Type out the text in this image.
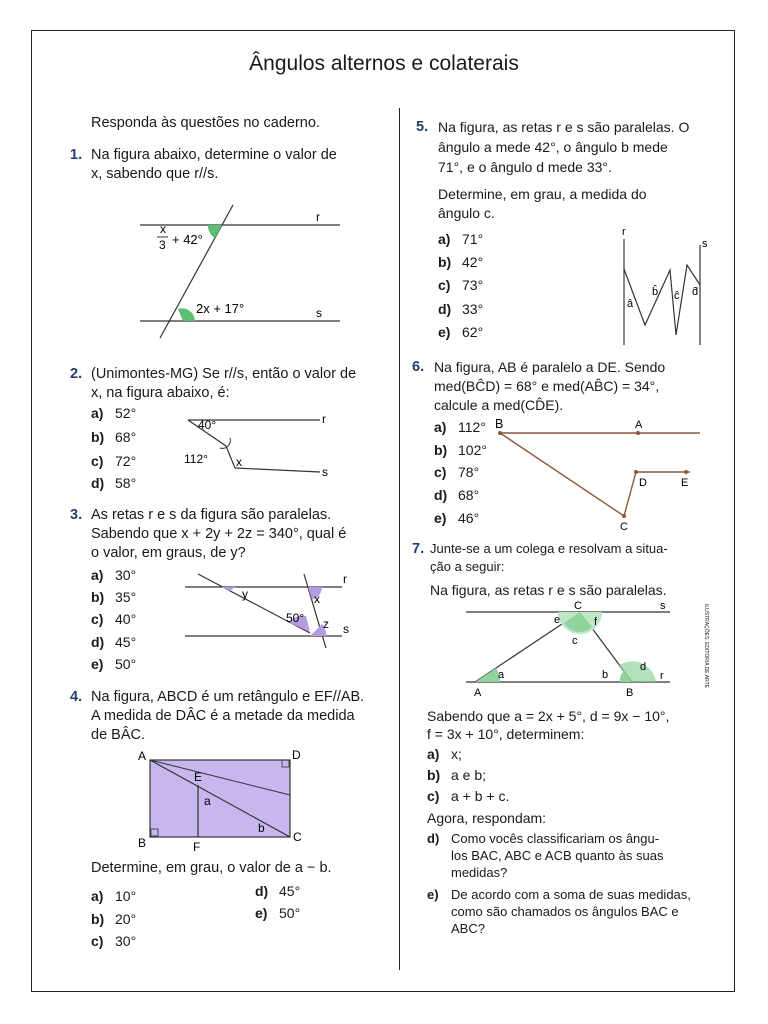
Ângulos alternos e colaterais
Responda às questões no caderno.
1. Na figura abaixo, determine o valor de
x, sabendo que r//s.
x
3 + 42°
2x + 17°
r
s
2. (Unimontes-MG) Se r//s, então o valor de
x, na figura abaixo, é:
a) 52°
b) 68°
c) 72°
d) 58°
40°
112° x
r
s
3. As retas r e s da figura são paralelas.
Sabendo que x + 2y + 2z = 340°, qual é
o valor, em graus, de y?
a) 30°
b) 35°
c) 40°
d) 45°
e) 50°
y	x
50° z
r
s
4. Na figura, ABCD é um retângulo e EF//AB.
A medida de DÂC é a metade da medida
de BÂC.
A	D
B	C
E
F
a
b
Determine, em grau, o valor de a − b.
a) 10°
b) 20°
c) 30°
d) 45°
e) 50°
5. Na figura, as retas r e s são paralelas. O
ângulo a mede 42°, o ângulo b mede
71°, e o ângulo d mede 33°.
Determine, em grau, a medida do
ângulo c.
a) 71°
b) 42°
c) 73°
d) 33°
e) 62°
r
s
â
b̂ ĉ d̂
6. Na figura, AB é paralelo a DE. Sendo
med(BĈD) = 68° e med(AB̂C) = 34°,
calcule a med(CD̂E).
a) 112°
b) 102°
c) 78°
d) 68°
e) 46°
B	A
C
D	E
7. Junte-se a um colega e resolvam a situa-
ção a seguir:
Na figura, as retas r e s são paralelas.
A	B
C
a	b
c
d
e	f
r
s	ILUSTRAÇÕES: EDITORIA DE ARTE
Sabendo que a = 2x + 5°, d = 9x − 10°,
f = 3x + 10°, determinem:
a) x;
b) a e b;
c) a + b + c.
Agora, respondam:
d) Como vocês classificariam os ângu-
los BAC, ABC e ACB quanto às suas
medidas?
e) De acordo com a soma de suas medidas,
como são chamados os ângulos BAC e
ABC?
